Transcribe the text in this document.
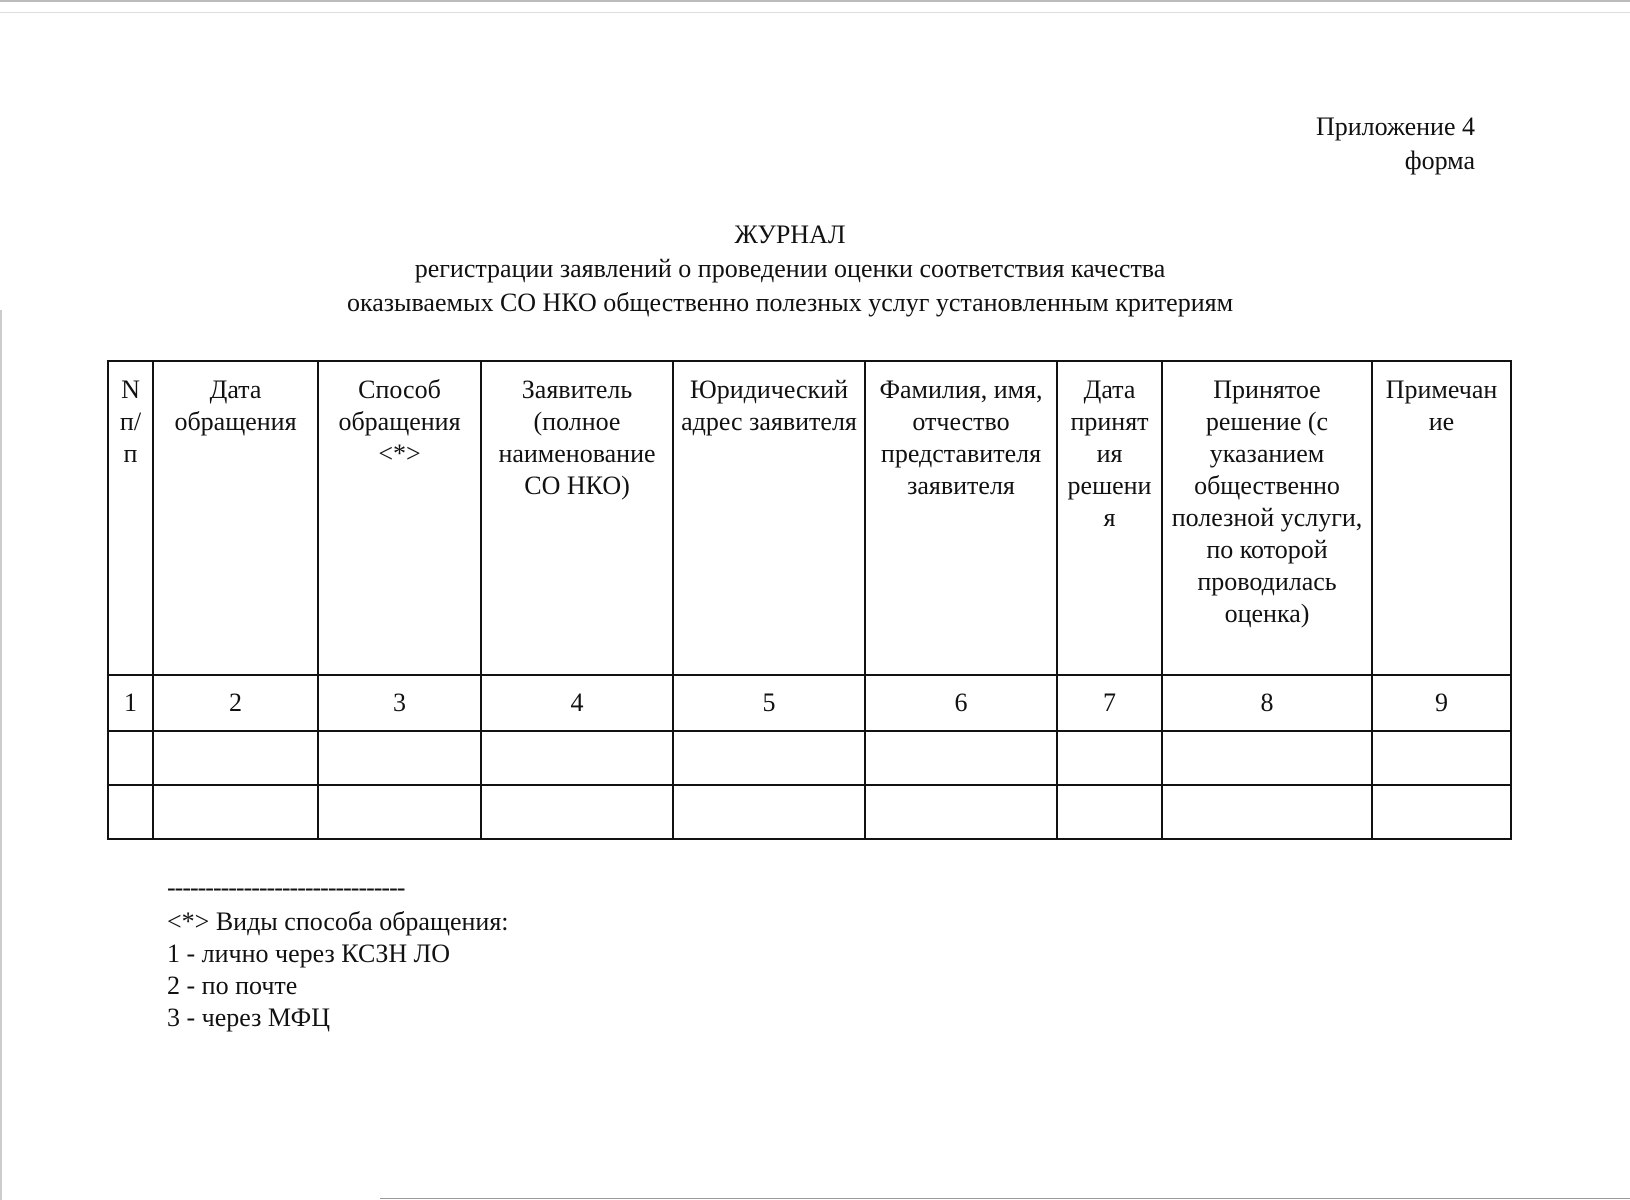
Приложение 4
форма
ЖУРНАЛ
регистрации заявлений о проведении оценки соответствия качества
оказываемых СО НКО общественно полезных услуг установленным критериям
N п/ п	Дата обращения	Способ обращения <*>	Заявитель (полное наименование СО НКО)	Юридический адрес заявителя	Фамилия, имя, отчество представителя заявителя	Дата принят ия решени я	Принятое решение (с указанием общественно полезной услуги, по которой проводилась оценка)	Примечан ие
1	2	3	4	5	6	7	8	9

-------------------------------
<*> Виды способа обращения:
1 - лично через КСЗН ЛО
2 - по почте
3 - через МФЦ
